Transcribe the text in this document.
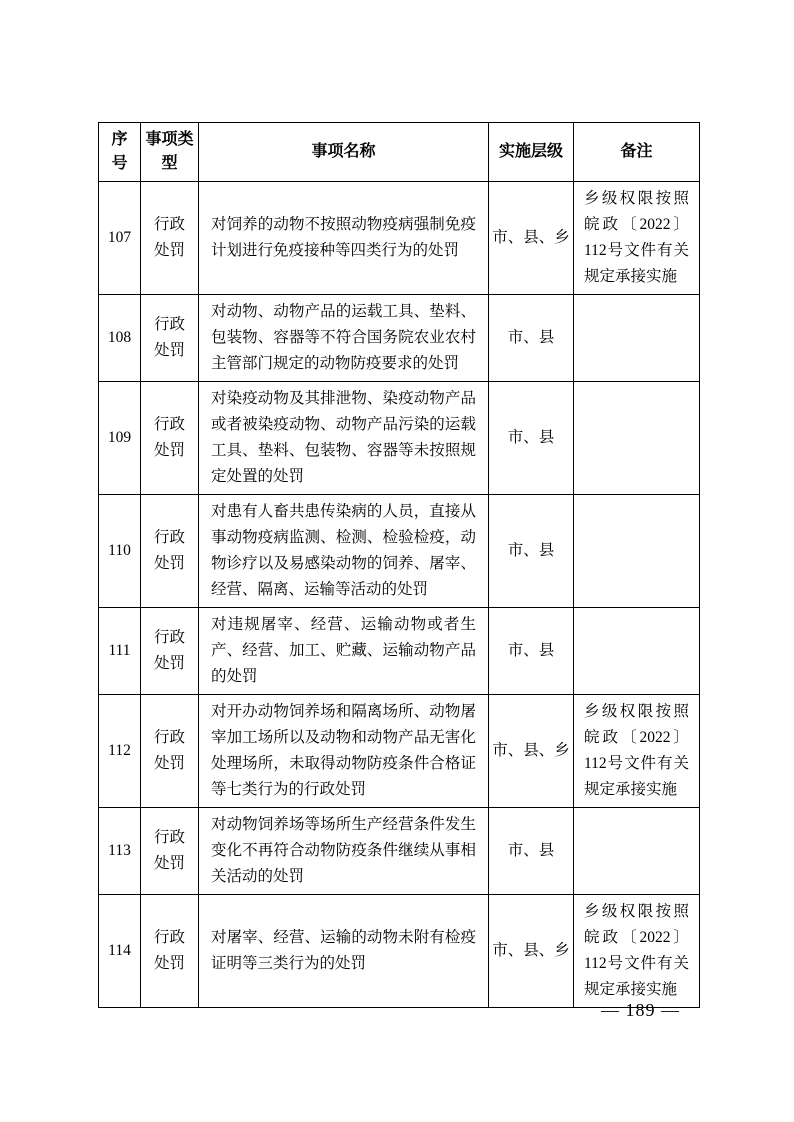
序号	事项类型	事项名称	实施层级	备注
107	行政处罚	对饲养的动物不按照动物疫病强制免疫计划进行免疫接种等四类行为的处罚	市、县、乡	乡级权限按照皖政〔2022〕112号文件有关规定承接实施
108	行政处罚	对动物、动物产品的运载工具、垫料、包装物、容器等不符合国务院农业农村主管部门规定的动物防疫要求的处罚	市、县	
109	行政处罚	对染疫动物及其排泄物、染疫动物产品或者被染疫动物、动物产品污染的运载工具、垫料、包装物、容器等未按照规定处置的处罚	市、县	
110	行政处罚	对患有人畜共患传染病的人员，直接从事动物疫病监测、检测、检验检疫，动物诊疗以及易感染动物的饲养、屠宰、经营、隔离、运输等活动的处罚	市、县	
111	行政处罚	对违规屠宰、经营、运输动物或者生产、经营、加工、贮藏、运输动物产品的处罚	市、县	
112	行政处罚	对开办动物饲养场和隔离场所、动物屠宰加工场所以及动物和动物产品无害化处理场所，未取得动物防疫条件合格证等七类行为的行政处罚	市、县、乡	乡级权限按照皖政〔2022〕112号文件有关规定承接实施
113	行政处罚	对动物饲养场等场所生产经营条件发生变化不再符合动物防疫条件继续从事相关活动的处罚	市、县	
114	行政处罚	对屠宰、经营、运输的动物未附有检疫证明等三类行为的处罚	市、县、乡	乡级权限按照皖政〔2022〕112号文件有关规定承接实施
— 189 —
